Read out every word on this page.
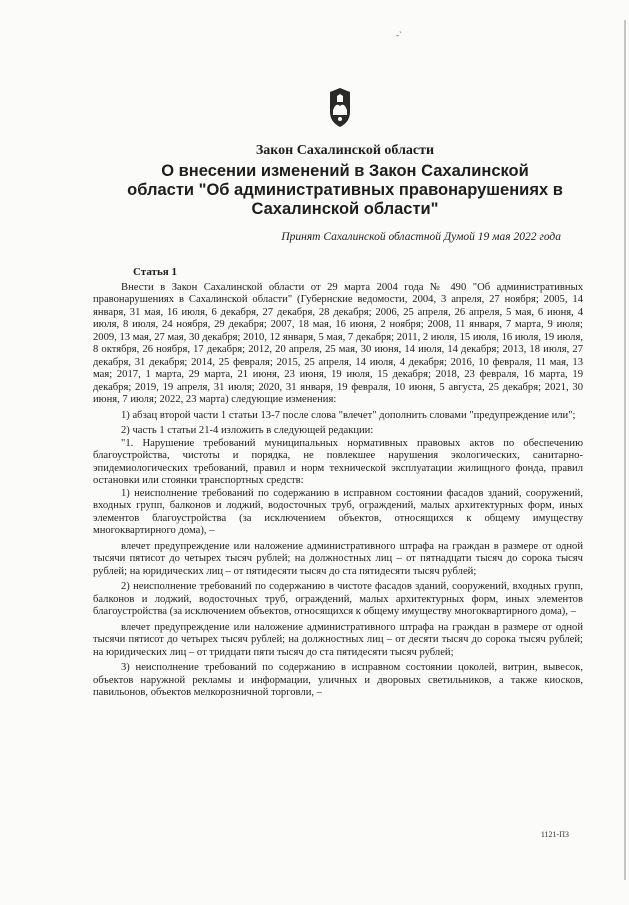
-`
Закон Сахалинской области
О внесении изменений в Закон Сахалинской
области "Об административных правонарушениях в
Сахалинской области"
Принят Сахалинской областной Думой 19 мая 2022 года

Статья 1

Внести в Закон Сахалинской области от 29 марта 2004 года № 490 "Об административных правонарушениях в Сахалинской области" (Губернские ведомости, 2004, 3 апреля, 27 ноября; 2005, 14 января, 31 мая, 16 июля, 6 декабря, 27 декабря, 28 декабря; 2006, 25 апреля, 26 апреля, 5 мая, 6 июня, 4 июля, 8 июля, 24 ноября, 29 декабря; 2007, 18 мая, 16 июня, 2 ноября; 2008, 11 января, 7 марта, 9 июля; 2009, 13 мая, 27 мая, 30 декабря; 2010, 12 января, 5 мая, 7 декабря; 2011, 2 июля, 15 июля, 16 июля, 19 июля, 8 октября, 26 ноября, 17 декабря; 2012, 20 апреля, 25 мая, 30 июня, 14 июля, 14 декабря; 2013, 18 июля, 27 декабря, 31 декабря; 2014, 25 февраля; 2015, 25 апреля, 14 июля, 4 декабря; 2016, 10 февраля, 11 мая, 13 мая; 2017, 1 марта, 29 марта, 21 июня, 23 июня, 19 июля, 15 декабря; 2018, 23 февраля, 16 марта, 19 декабря; 2019, 19 апреля, 31 июля; 2020, 31 января, 19 февраля, 10 июня, 5 августа, 25 декабря; 2021, 30 июня, 7 июля; 2022, 23 марта) следующие изменения:

1) абзац второй части 1 статьи 13-7 после слова "влечет" дополнить словами "предупреждение или";

2) часть 1 статьи 21-4 изложить в следующей редакции:

"1. Нарушение требований муниципальных нормативных правовых актов по обеспечению благоустройства, чистоты и порядка, не повлекшее нарушения экологических, санитарно-эпидемиологических требований, правил и норм технической эксплуатации жилищного фонда, правил остановки или стоянки транспортных средств:

1) неисполнение требований по содержанию в исправном состоянии фасадов зданий, сооружений, входных групп, балконов и лоджий, водосточных труб, ограждений, малых архитектурных форм, иных элементов благоустройства (за исключением объектов, относящихся к общему имуществу многоквартирного дома), –

влечет предупреждение или наложение административного штрафа на граждан в размере от одной тысячи пятисот до четырех тысяч рублей; на должностных лиц – от пятнадцати тысяч до сорока тысяч рублей; на юридических лиц – от пятидесяти тысяч до ста пятидесяти тысяч рублей;

2) неисполнение требований по содержанию в чистоте фасадов зданий, сооружений, входных групп, балконов и лоджий, водосточных труб, ограждений, малых архитектурных форм, иных элементов благоустройства (за исключением объектов, относящихся к общему имуществу многоквартирного дома), –

влечет предупреждение или наложение административного штрафа на граждан в размере от одной тысячи пятисот до четырех тысяч рублей; на должностных лиц – от десяти тысяч до сорока тысяч рублей; на юридических лиц – от тридцати пяти тысяч до ста пятидесяти тысяч рублей;

3) неисполнение требований по содержанию в исправном состоянии цоколей, витрин, вывесок, объектов наружной рекламы и информации, уличных и дворовых светильников, а также киосков, павильонов, объектов мелкорозничной торговли, –

1121-ПЗ
